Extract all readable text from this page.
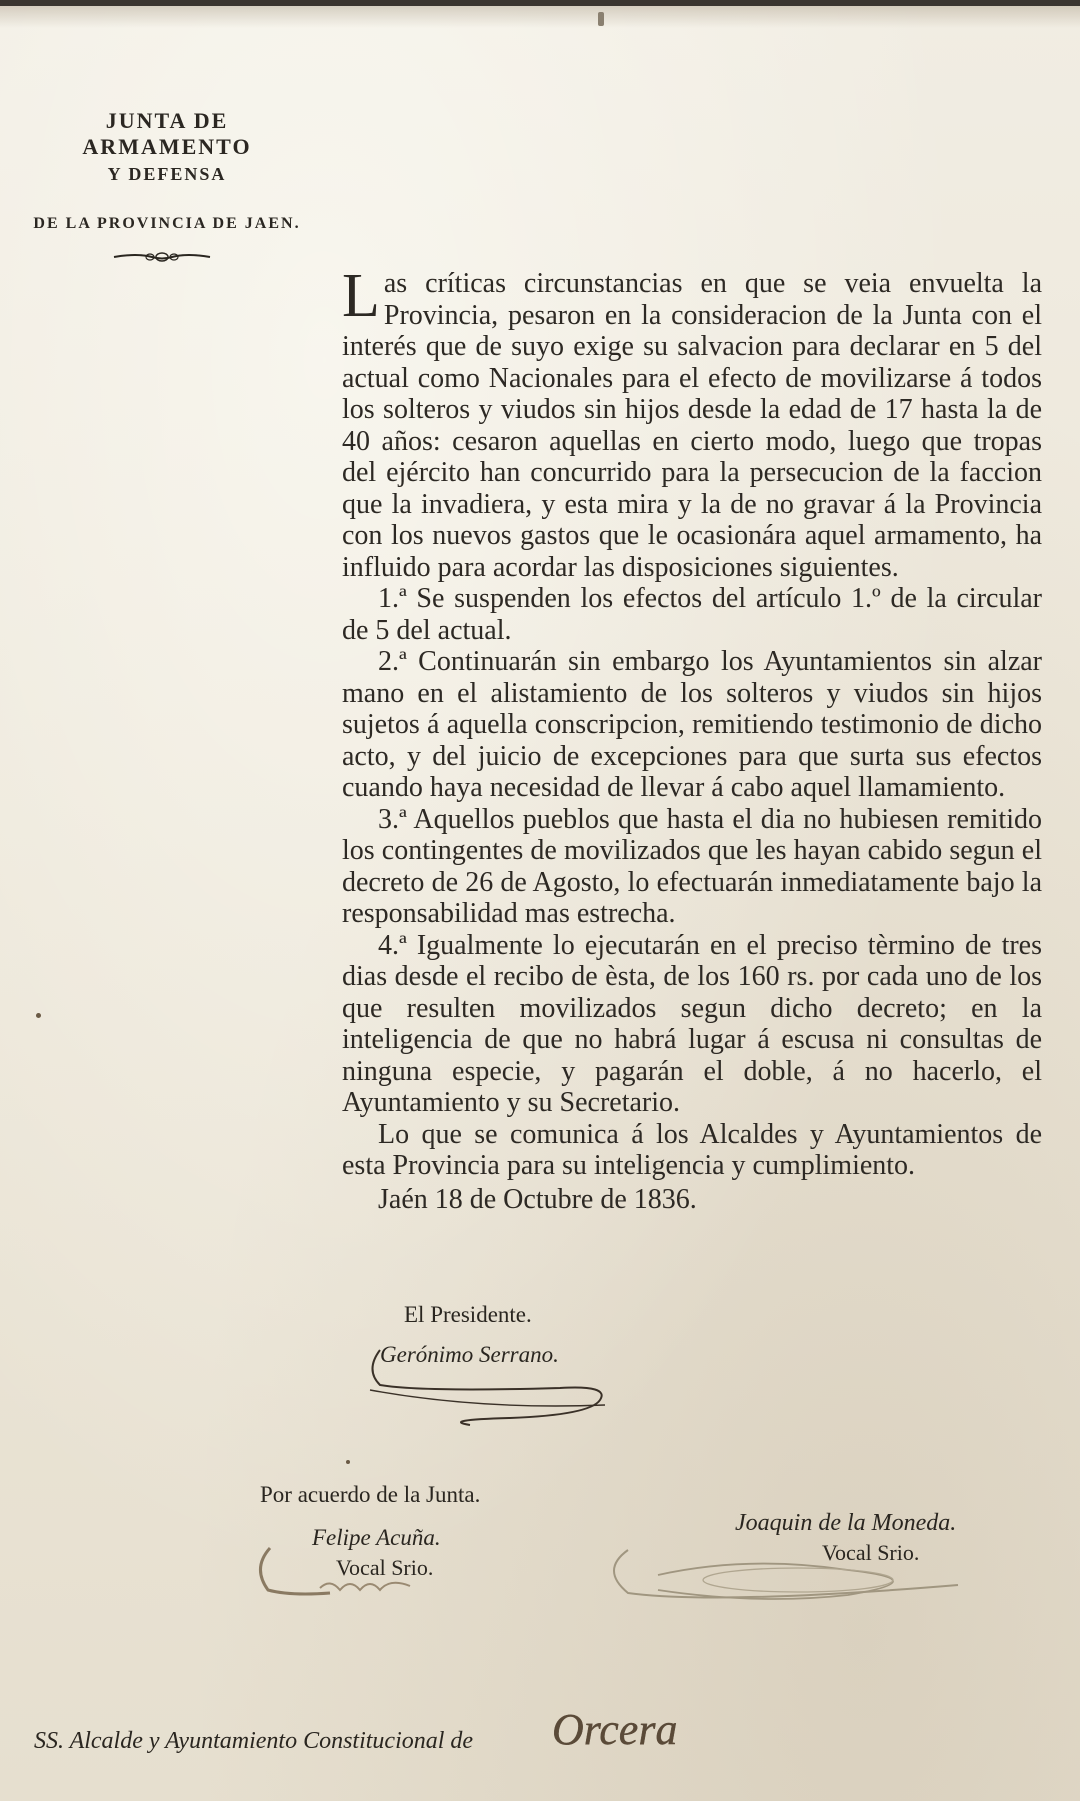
JUNTA DE ARMAMENTO
Y DEFENSA
DE LA PROVINCIA DE JAEN.

Las críticas circunstancias en que se veia envuelta la Provincia, pesaron en la consideracion de la Junta con el interés que de suyo exige su salvacion para declarar en 5 del actual como Nacionales para el efecto de movilizarse á todos los solteros y viudos sin hijos desde la edad de 17 hasta la de 40 años: cesaron aquellas en cierto modo, luego que tropas del ejército han concurrido para la persecucion de la faccion que la invadiera, y esta mira y la de no gravar á la Provincia con los nuevos gastos que le ocasionára aquel armamento, ha influido para acordar las disposiciones siguientes.

1.ª Se suspenden los efectos del artículo 1.º de la circular de 5 del actual.

2.ª Continuarán sin embargo los Ayuntamientos sin alzar mano en el alistamiento de los solteros y viudos sin hijos sujetos á aquella conscripcion, remitiendo testimonio de dicho acto, y del juicio de excepciones para que surta sus efectos cuando haya necesidad de llevar á cabo aquel llamamiento.

3.ª Aquellos pueblos que hasta el dia no hubiesen remitido los contingentes de movilizados que les hayan cabido segun el decreto de 26 de Agosto, lo efectuarán inmediatamente bajo la responsabilidad mas estrecha.

4.ª Igualmente lo ejecutarán en el preciso tèrmino de tres dias desde el recibo de èsta, de los 160 rs. por cada uno de los que resulten movilizados segun dicho decreto; en la inteligencia de que no habrá lugar á escusa ni consultas de ninguna especie, y pagarán el doble, á no hacerlo, el Ayuntamiento y su Secretario.

Lo que se comunica á los Alcaldes y Ayuntamientos de esta Provincia para su inteligencia y cumplimiento.

Jaén 18 de Octubre de 1836.

El Presidente.
Gerónimo Serrano.
Por acuerdo de la Junta.
Felipe Acuña.
Vocal Srio.
Joaquin de la Moneda.
Vocal Srio.
SS. Alcalde y Ayuntamiento Constitucional de Orcera
